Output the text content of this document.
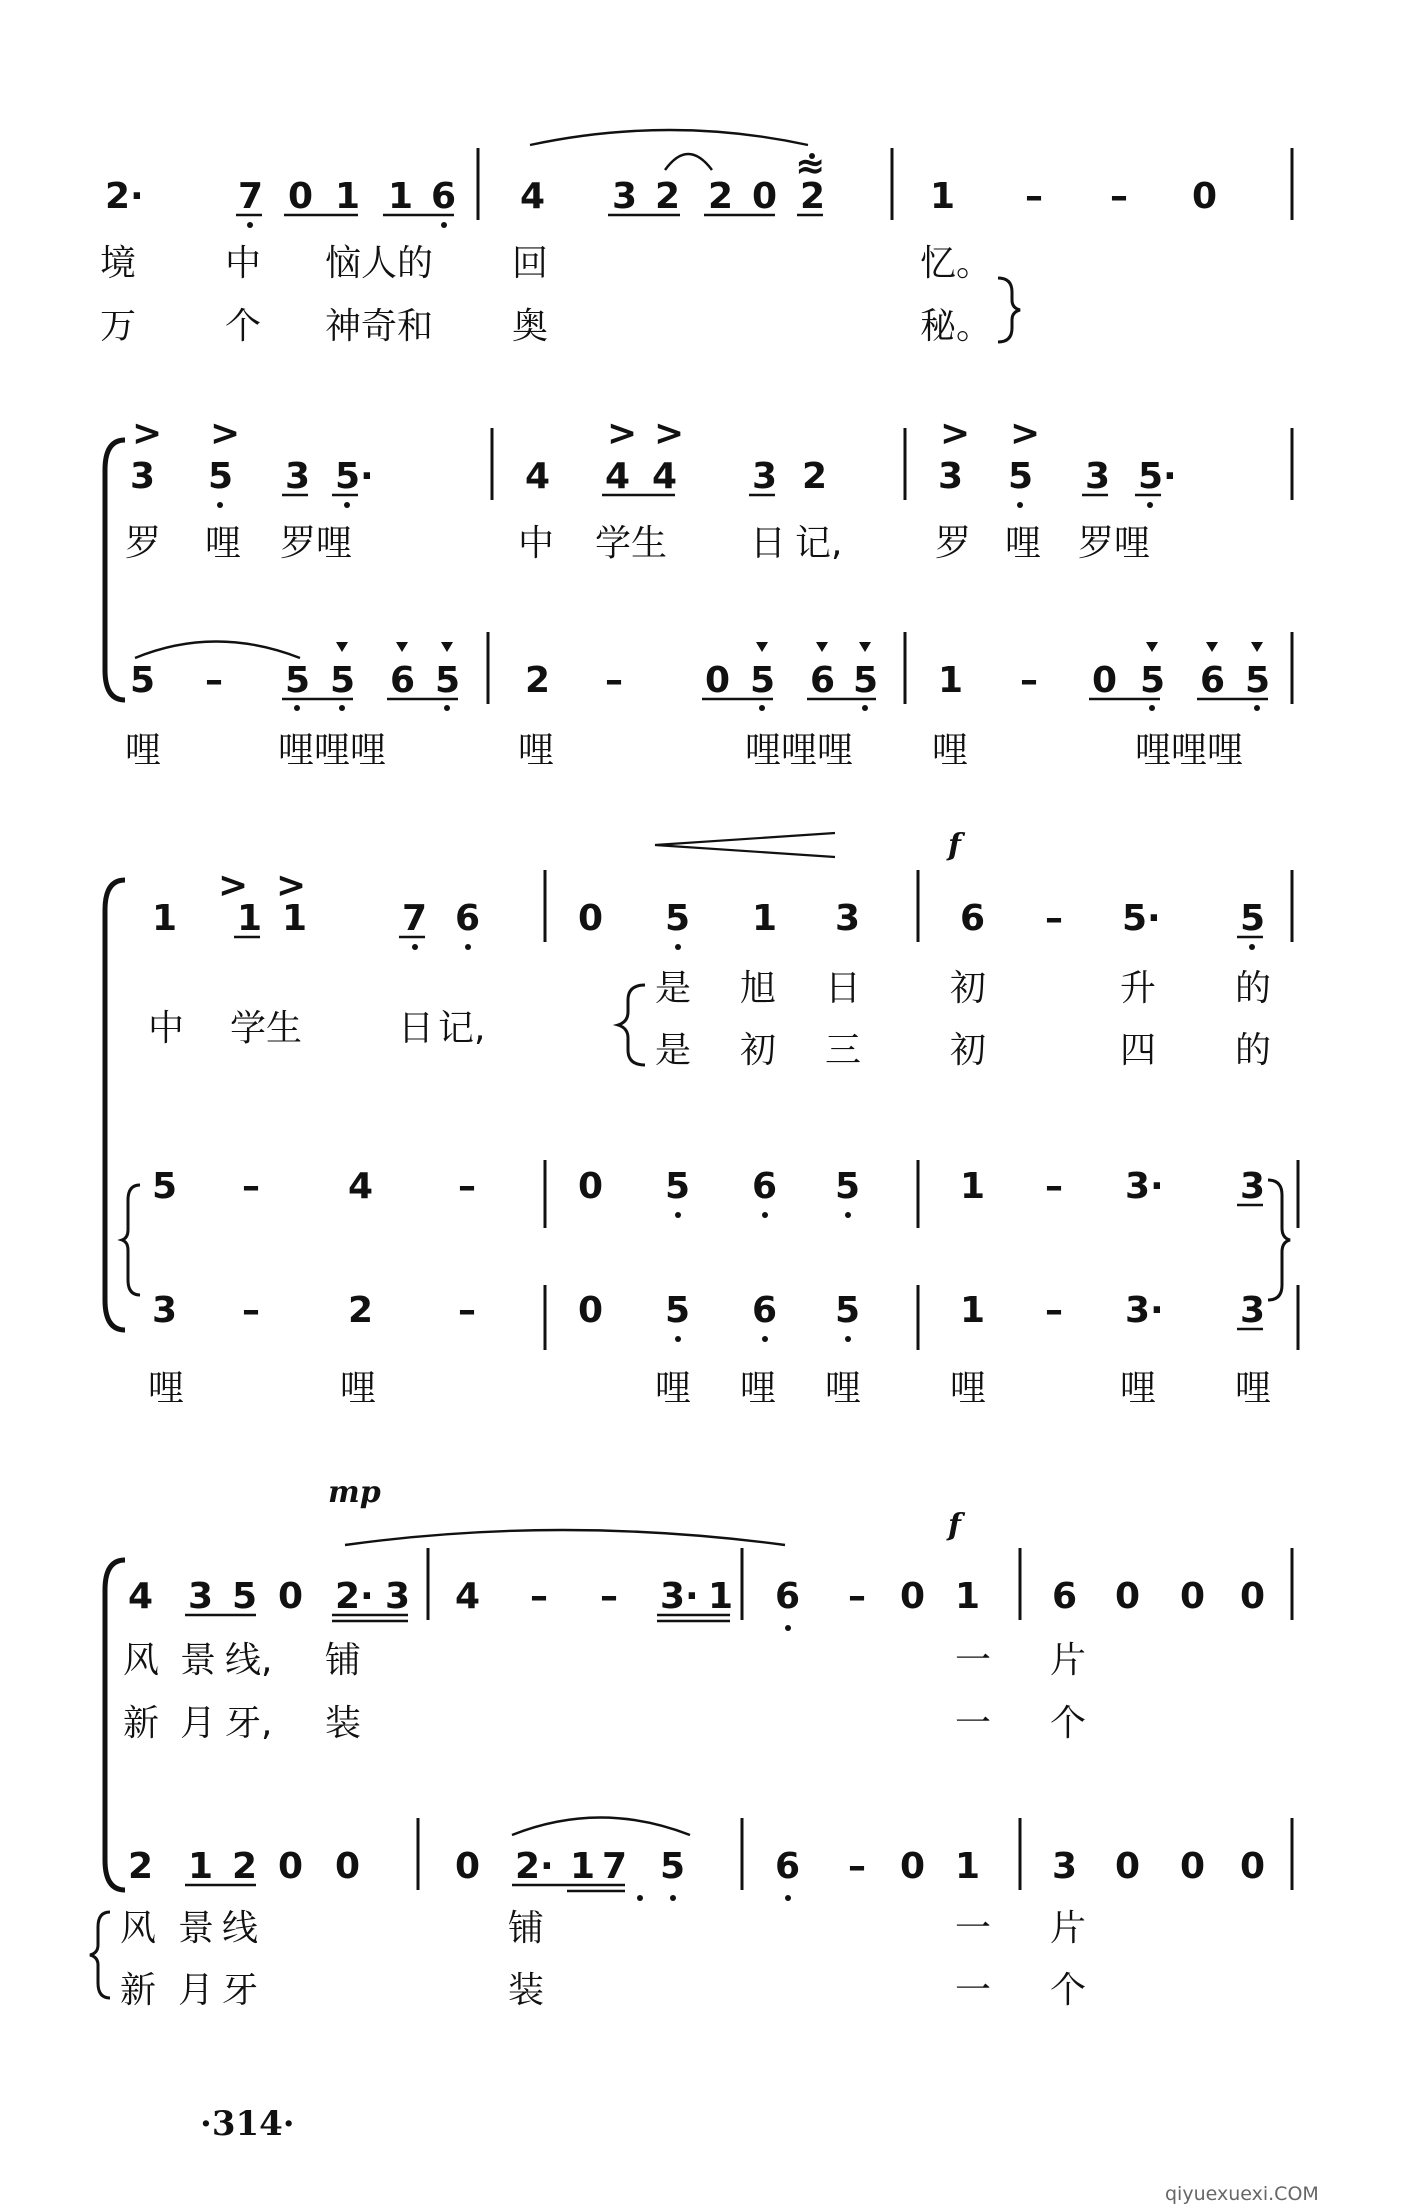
2·	7 0 1 1 6 4 3 2 2 0 2	1 – – 0
≈
境 中 恼人的 回	忆。
万 个 神奇和 奥	秘。
3 5 3 5·	4 4 4 3 2	3 5 3 5·
> >	> >	> >
罗 哩 罗哩	中 学生 日 记,	罗 哩 罗哩
5 – 5 5 6 5 2 – 0 5 6 5 1 – 0 5 6 5
哩	哩哩哩	哩	哩哩哩 哩	哩哩哩
f
1 1 1	7 6	0 5 1 3	6 – 5· 5
> >
中 学生	日 记,
是 旭 日 初	升 的
是 初 三 初	四 的
5 – 4 –	0 5 6 5	1 – 3· 3
3 – 2 –	0 5 6 5	1 – 3· 3
哩	哩	哩 哩 哩 哩	哩 哩
mp
f
4 3 5 0 2· 3 4 – – 3· 1 6 – 0 1 6 0 0 0
风 景 线, 铺	一 片
新 月 牙, 装	一 个
2 1 2 0 0	0 2· 1 7 5 6 – 0 1 3 0 0 0
风 景 线	铺	一 片
新 月 牙	装	一 个
·314·
qiyuexuexi.COM
